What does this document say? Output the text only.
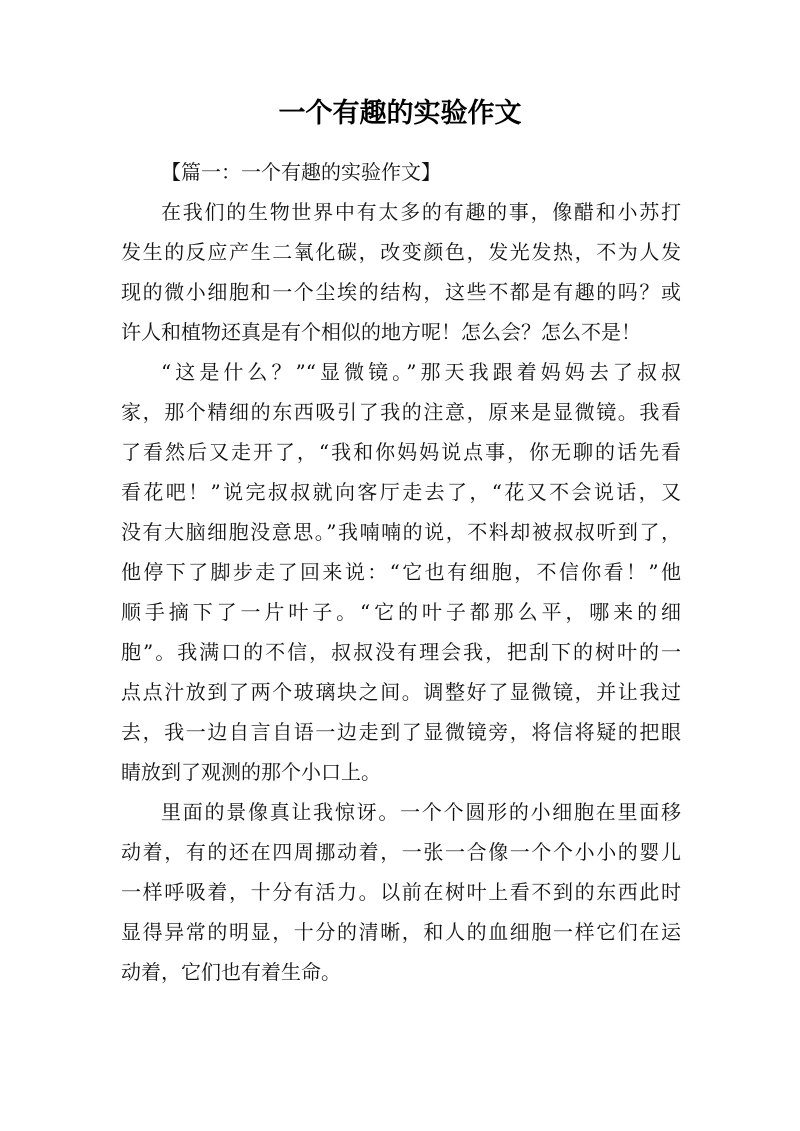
一个有趣的实验作文
【篇一：一个有趣的实验作文】
在我们的生物世界中有太多的有趣的事，像醋和小苏打
发生的反应产生二氧化碳，改变颜色，发光发热，不为人发
现的微小细胞和一个尘埃的结构，这些不都是有趣的吗？或
许人和植物还真是有个相似的地方呢！怎么会？怎么不是！
“这是什么？”“显微镜。”那天我跟着妈妈去了叔叔
家，那个精细的东西吸引了我的注意，原来是显微镜。我看
了看然后又走开了，“我和你妈妈说点事，你无聊的话先看
看花吧！”说完叔叔就向客厅走去了，“花又不会说话，又
没有大脑细胞没意思。”我喃喃的说，不料却被叔叔听到了，
他停下了脚步走了回来说：“它也有细胞，不信你看！”他
顺手摘下了一片叶子。“它的叶子都那么平，哪来的细
胞”。我满口的不信，叔叔没有理会我，把刮下的树叶的一
点点汁放到了两个玻璃块之间。调整好了显微镜，并让我过
去，我一边自言自语一边走到了显微镜旁，将信将疑的把眼
睛放到了观测的那个小口上。
里面的景像真让我惊讶。一个个圆形的小细胞在里面移
动着，有的还在四周挪动着，一张一合像一个个小小的婴儿
一样呼吸着，十分有活力。以前在树叶上看不到的东西此时
显得异常的明显，十分的清晰，和人的血细胞一样它们在运
动着，它们也有着生命。
